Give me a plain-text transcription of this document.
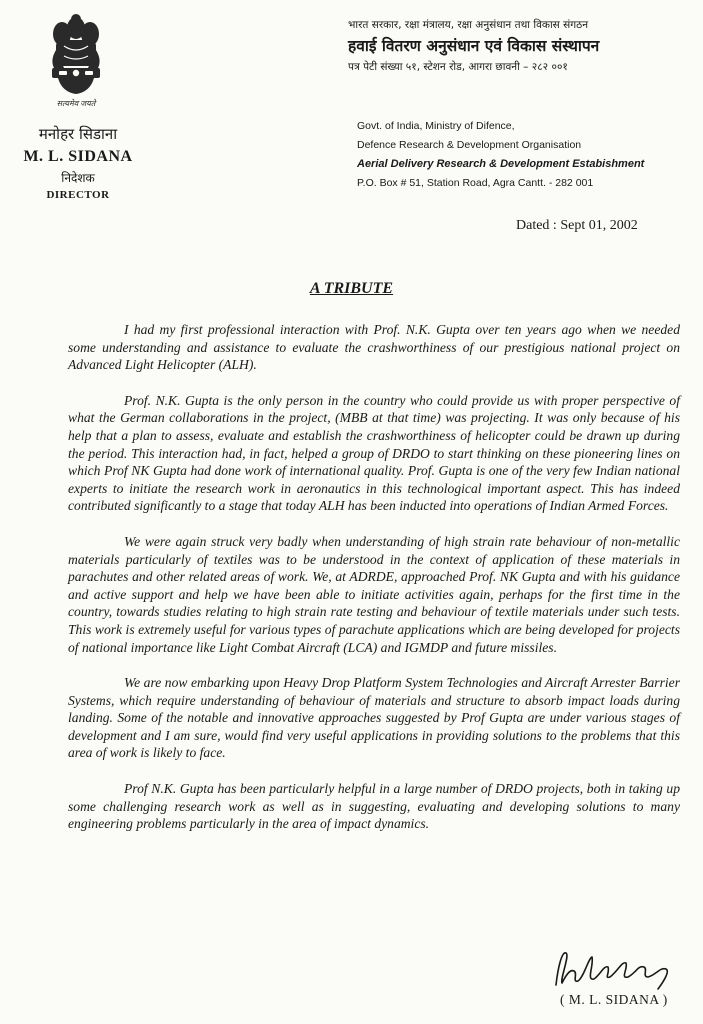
सत्यमेव जयते
मनोहर सिडाना
M. L. SIDANA
निदेशक
DIRECTOR
भारत सरकार, रक्षा मंत्रालय, रक्षा अनुसंधान तथा विकास संगठन
हवाई वितरण अनुसंधान एवं विकास संस्थापन
पत्र पेटी संख्या ५१, स्टेशन रोड, आगरा छावनी – २८२ ००१
Govt. of India, Ministry of Difence,
Defence Research & Development Organisation
Aerial Delivery Research & Development Estabishment
P.O. Box # 51, Station Road, Agra Cantt. - 282 001
Dated : Sept 01, 2002
A TRIBUTE

I had my first professional interaction with Prof. N.K. Gupta over ten years ago when we needed some understanding and assistance to evaluate the crashworthiness of our prestigious national project on Advanced Light Helicopter (ALH).

Prof. N.K. Gupta is the only person in the country who could provide us with proper perspective of what the German collaborations in the project, (MBB at that time) was projecting. It was only because of his help that a plan to assess, evaluate and establish the crashworthiness of helicopter could be drawn up during the period. This interaction had, in fact, helped a group of DRDO to start thinking on these pioneering lines on which Prof NK Gupta had done work of international quality. Prof. Gupta is one of the very few Indian national experts to initiate the research work in aeronautics in this technological important aspect. This has indeed contributed significantly to a stage that today ALH has been inducted into operations of Indian Armed Forces.

We were again struck very badly when understanding of high strain rate behaviour of non-metallic materials particularly of textiles was to be understood in the context of application of these materials in parachutes and other related areas of work. We, at ADRDE, approached Prof. NK Gupta and with his guidance and active support and help we have been able to initiate activities again, perhaps for the first time in the country, towards studies relating to high strain rate testing and behaviour of textile materials under such tests. This work is extremely useful for various types of parachute applications which are being developed for projects of national importance like Light Combat Aircraft (LCA) and IGMDP and future missiles.

We are now embarking upon Heavy Drop Platform System Technologies and Aircraft Arrester Barrier Systems, which require understanding of behaviour of materials and structure to absorb impact loads during landing. Some of the notable and innovative approaches suggested by Prof Gupta are under various stages of development and I am sure, would find very useful applications in providing solutions to the problems that this area of work is likely to face.

Prof N.K. Gupta has been particularly helpful in a large number of DRDO projects, both in taking up some challenging research work as well as in suggesting, evaluating and developing solutions to many engineering problems particularly in the area of impact dynamics.

( M. L. SIDANA )
